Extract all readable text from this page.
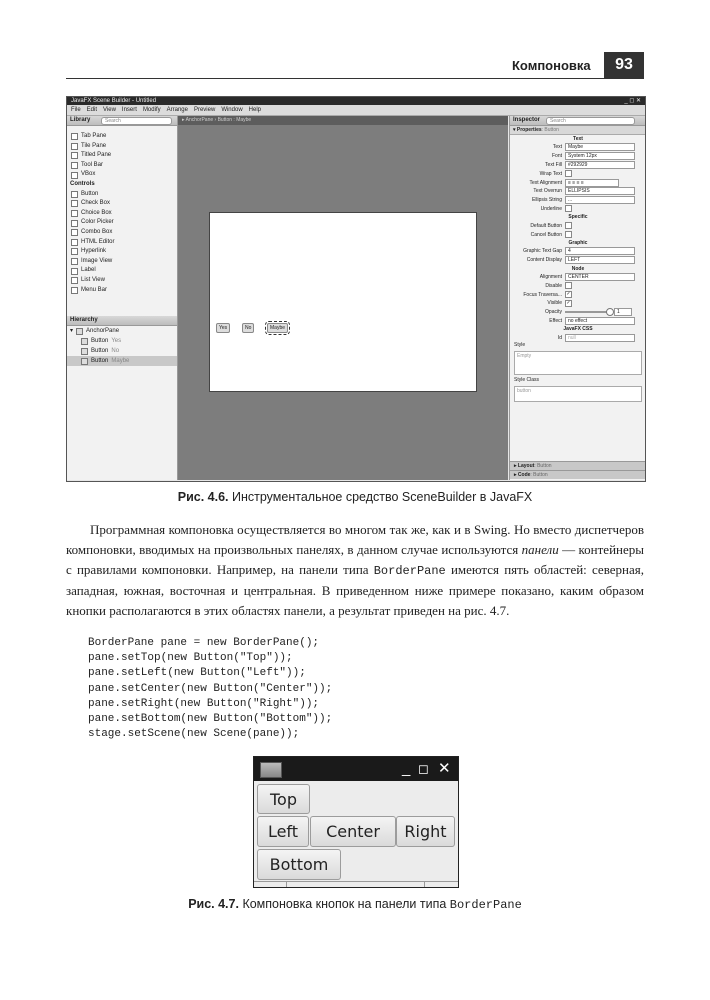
Компоновка	93
JavaFX Scene Builder - Untitled	_ ◻ ✕
File Edit View Insert Modify Arrange Preview Window Help
Library	Search
Tab Pane
Tile Pane
Titled Pane
Tool Bar
VBox
Controls
Button
Check Box
Choice Box
Color Picker
Combo Box
HTML Editor
Hyperlink
Image View
Label
List View
Menu Bar
Hierarchy
▾ AnchorPane
Button Yes
Button No
Button Maybe
▸ AnchorPane › Button : Maybe
Yes	No	Maybe
Inspector	Search
▾ Properties: Button
Text
Text	Maybe
Font	System 12px
Text Fill	#292929
Wrap Text
Text Alignment	≡ ≡ ≡ ≡
Text Overrun	ELLIPSIS
Ellipsis String	...
Underline
Specific
Default Button
Cancel Button
Graphic
Graphic Text Gap	4
Content Display	LEFT
Node
Alignment	CENTER
Disable
Focus Traversa... ✓
Visible ✓
Opacity	1
Effect	no effect
JavaFX CSS
Id	null
Style
Empty
Style Class
button
▸ Layout: Button
▸ Code: Button
Рис. 4.6. Инструментальное средство SceneBuilder в JavaFX

Программная компоновка осуществляется во многом так же, как и в Swing. Но вместо диспетчеров компоновки, вводимых на произвольных панелях, в данном случае используются панели — контейнеры с правилами компоновки. Например, на панели типа BorderPane имеются пять областей: северная, западная, южная, восточная и центральная. В приведенном ниже примере показано, каким образом кнопки располагаются в этих областях панели, а результат приведен на рис. 4.7.

BorderPane pane = new BorderPane();
pane.setTop(new Button("Top"));
pane.setLeft(new Button("Left"));
pane.setCenter(new Button("Center"));
pane.setRight(new Button("Right"));
pane.setBottom(new Button("Bottom"));
stage.setScene(new Scene(pane));
_ ◻ ✕
Top
Left	Center	Right
Bottom
Рис. 4.7. Компоновка кнопок на панели типа BorderPane
